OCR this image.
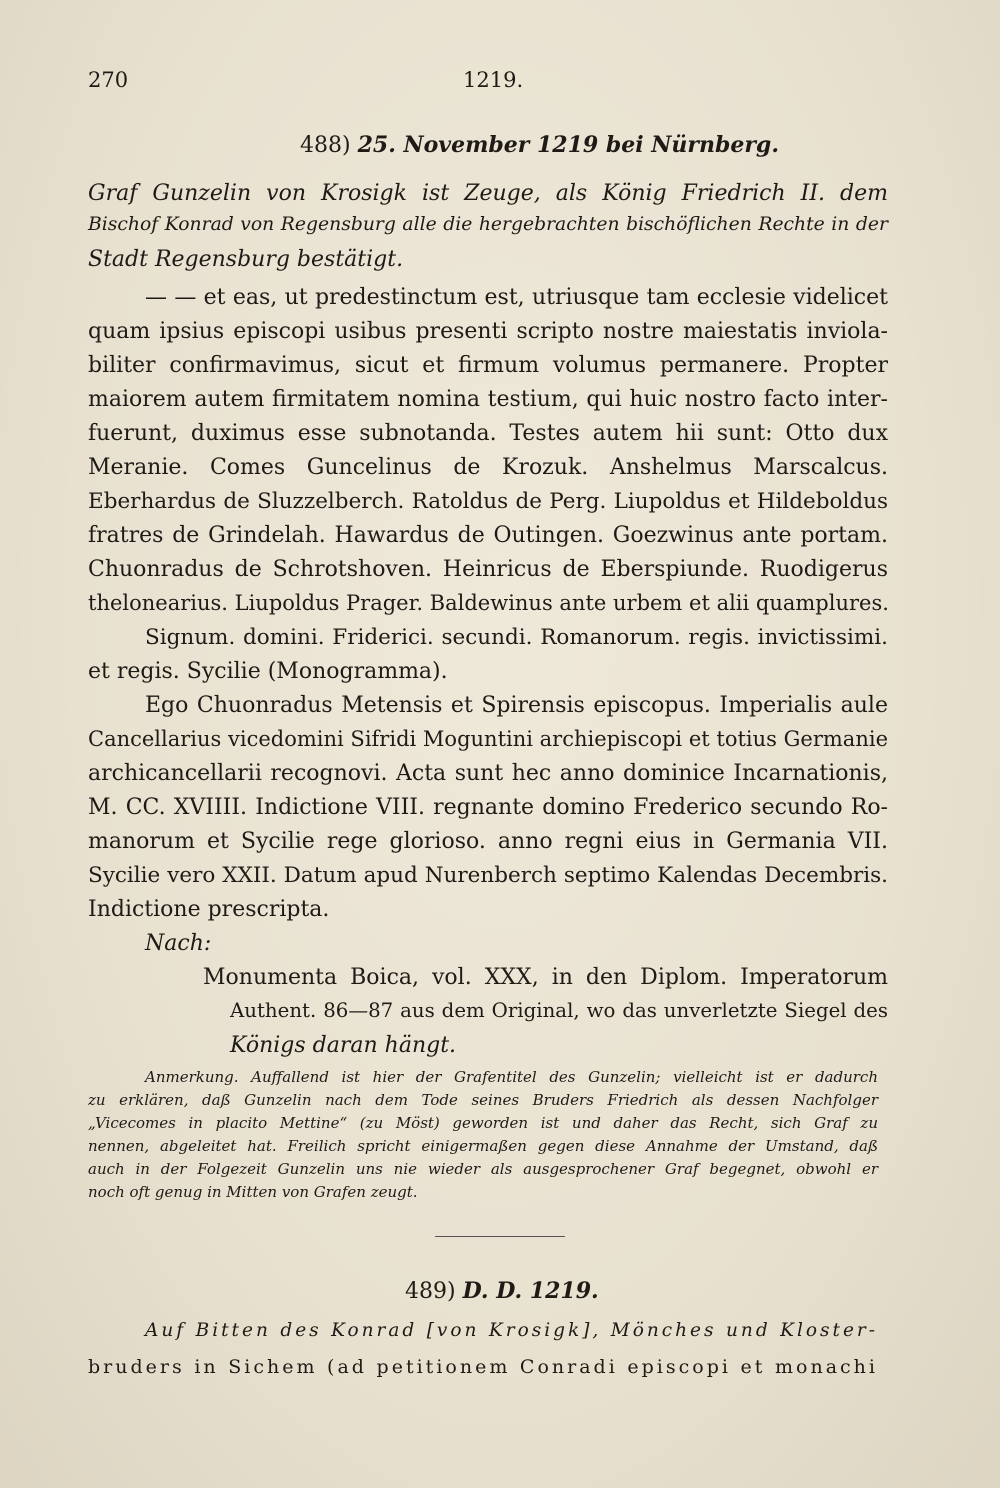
270	1219.
488) 25. November 1219 bei Nürnberg.
Graf Gunzelin von Krosigk ist Zeuge, als König Friedrich II. dem
Bischof Konrad von Regensburg alle die hergebrachten bischöflichen Rechte in der
Stadt Regensburg bestätigt.
— — et eas, ut predestinctum est, utriusque tam ecclesie videlicet
quam ipsius episcopi usibus presenti scripto nostre maiestatis inviola-
biliter confirmavimus, sicut et firmum volumus permanere. Propter
maiorem autem firmitatem nomina testium, qui huic nostro facto inter-
fuerunt, duximus esse subnotanda. Testes autem hii sunt: Otto dux
Meranie. Comes Guncelinus de Krozuk. Anshelmus Marscalcus.
Eberhardus de Sluzzelberch. Ratoldus de Perg. Liupoldus et Hildeboldus
fratres de Grindelah. Hawardus de Outingen. Goezwinus ante portam.
Chuonradus de Schrotshoven. Heinricus de Eberspiunde. Ruodigerus
thelonearius. Liupoldus Prager. Baldewinus ante urbem et alii quamplures.
Signum. domini. Friderici. secundi. Romanorum. regis. invictissimi.
et regis. Sycilie (Monogramma).
Ego Chuonradus Metensis et Spirensis episcopus. Imperialis aule
Cancellarius vicedomini Sifridi Moguntini archiepiscopi et totius Germanie
archicancellarii recognovi. Acta sunt hec anno dominice Incarnationis,
M. CC. XVIIII. Indictione VIII. regnante domino Frederico secundo Ro-
manorum et Sycilie rege glorioso. anno regni eius in Germania VII.
Sycilie vero XXII. Datum apud Nurenberch septimo Kalendas Decembris.
Indictione prescripta.
Nach:
Monumenta Boica, vol. XXX, in den Diplom. Imperatorum
Authent. 86—87 aus dem Original, wo das unverletzte Siegel des
Königs daran hängt.
Anmerkung. Auffallend ist hier der Grafentitel des Gunzelin; vielleicht ist er dadurch
zu erklären, daß Gunzelin nach dem Tode seines Bruders Friedrich als dessen Nachfolger
„Vicecomes in placito Mettine“ (zu Möst) geworden ist und daher das Recht, sich Graf zu
nennen, abgeleitet hat. Freilich spricht einigermaßen gegen diese Annahme der Umstand, daß
auch in der Folgezeit Gunzelin uns nie wieder als ausgesprochener Graf begegnet, obwohl er
noch oft genug in Mitten von Grafen zeugt.
489) D. D. 1219.
Auf Bitten des Konrad [von Krosigk], Mönches und Kloster-
bruders in Sichem (ad petitionem Conradi episcopi et monachi
